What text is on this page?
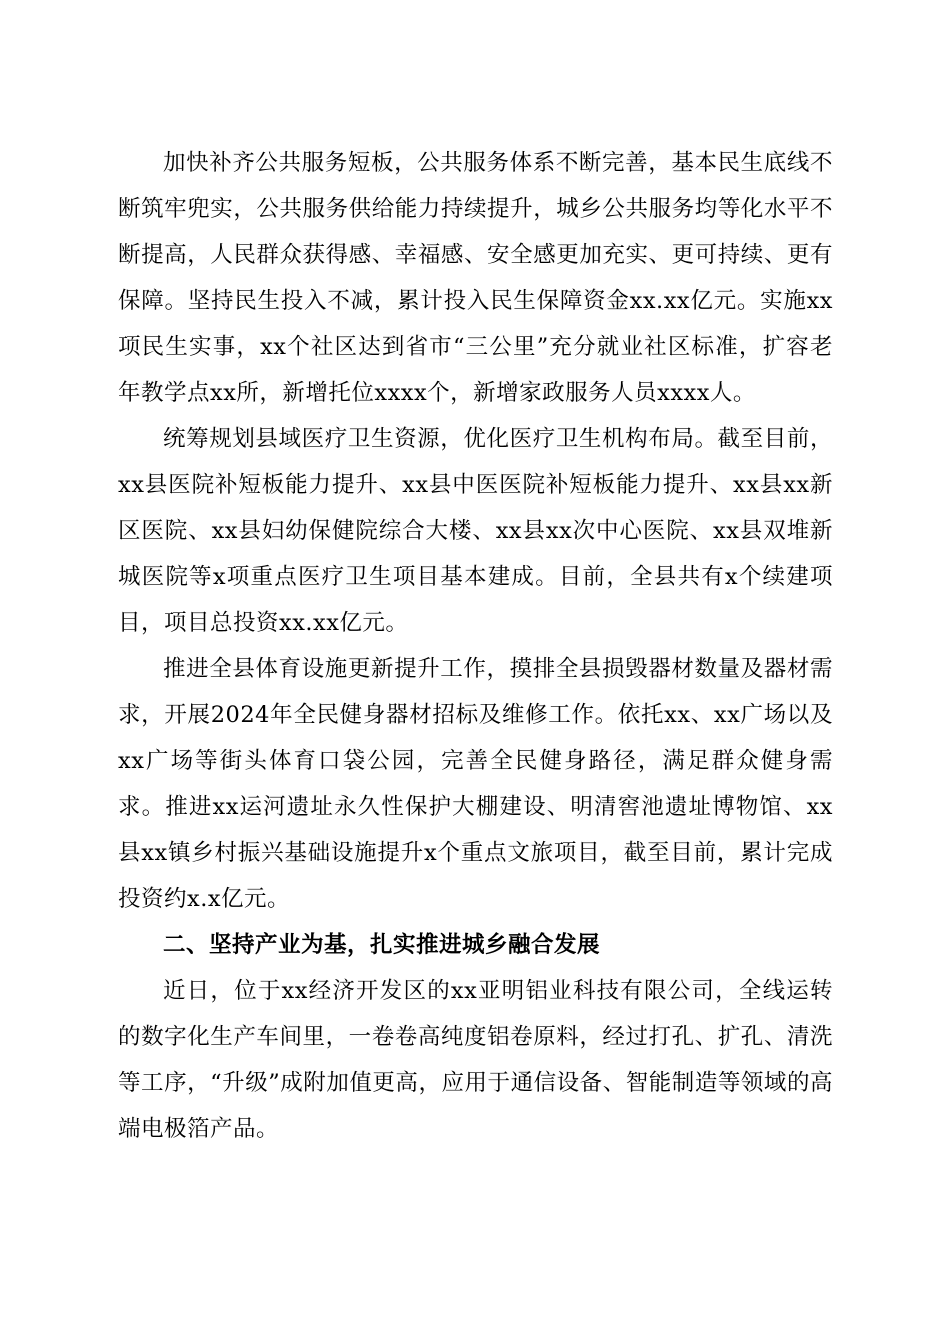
加快补齐公共服务短板，公共服务体系不断完善，基本民生底线不断筑牢兜实，公共服务供给能力持续提升，城乡公共服务均等化水平不断提高，人民群众获得感、幸福感、安全感更加充实、更可持续、更有保障。坚持民生投入不减，累计投入民生保障资金xx.xx亿元。实施xx项民生实事，xx个社区达到省市“三公里”充分就业社区标准，扩容老年教学点xx所，新增托位xxxx个，新增家政服务人员xxxx人。

统筹规划县域医疗卫生资源，优化医疗卫生机构布局。截至目前，xx县医院补短板能力提升、xx县中医医院补短板能力提升、xx县xx新区医院、xx县妇幼保健院综合大楼、xx县xx次中心医院、xx县双堆新城医院等x项重点医疗卫生项目基本建成。目前，全县共有x个续建项目，项目总投资xx.xx亿元。

推进全县体育设施更新提升工作，摸排全县损毁器材数量及器材需求，开展2024年全民健身器材招标及维修工作。依托xx、xx广场以及xx广场等街头体育口袋公园，完善全民健身路径，满足群众健身需求。推进xx运河遗址永久性保护大棚建设、明清窖池遗址博物馆、xx县xx镇乡村振兴基础设施提升x个重点文旅项目，截至目前，累计完成投资约x.x亿元。

二、坚持产业为基，扎实推进城乡融合发展

近日，位于xx经济开发区的xx亚明铝业科技有限公司，全线运转的数字化生产车间里，一卷卷高纯度铝卷原料，经过打孔、扩孔、清洗等工序，“升级”成附加值更高，应用于通信设备、智能制造等领域的高端电极箔产品。
